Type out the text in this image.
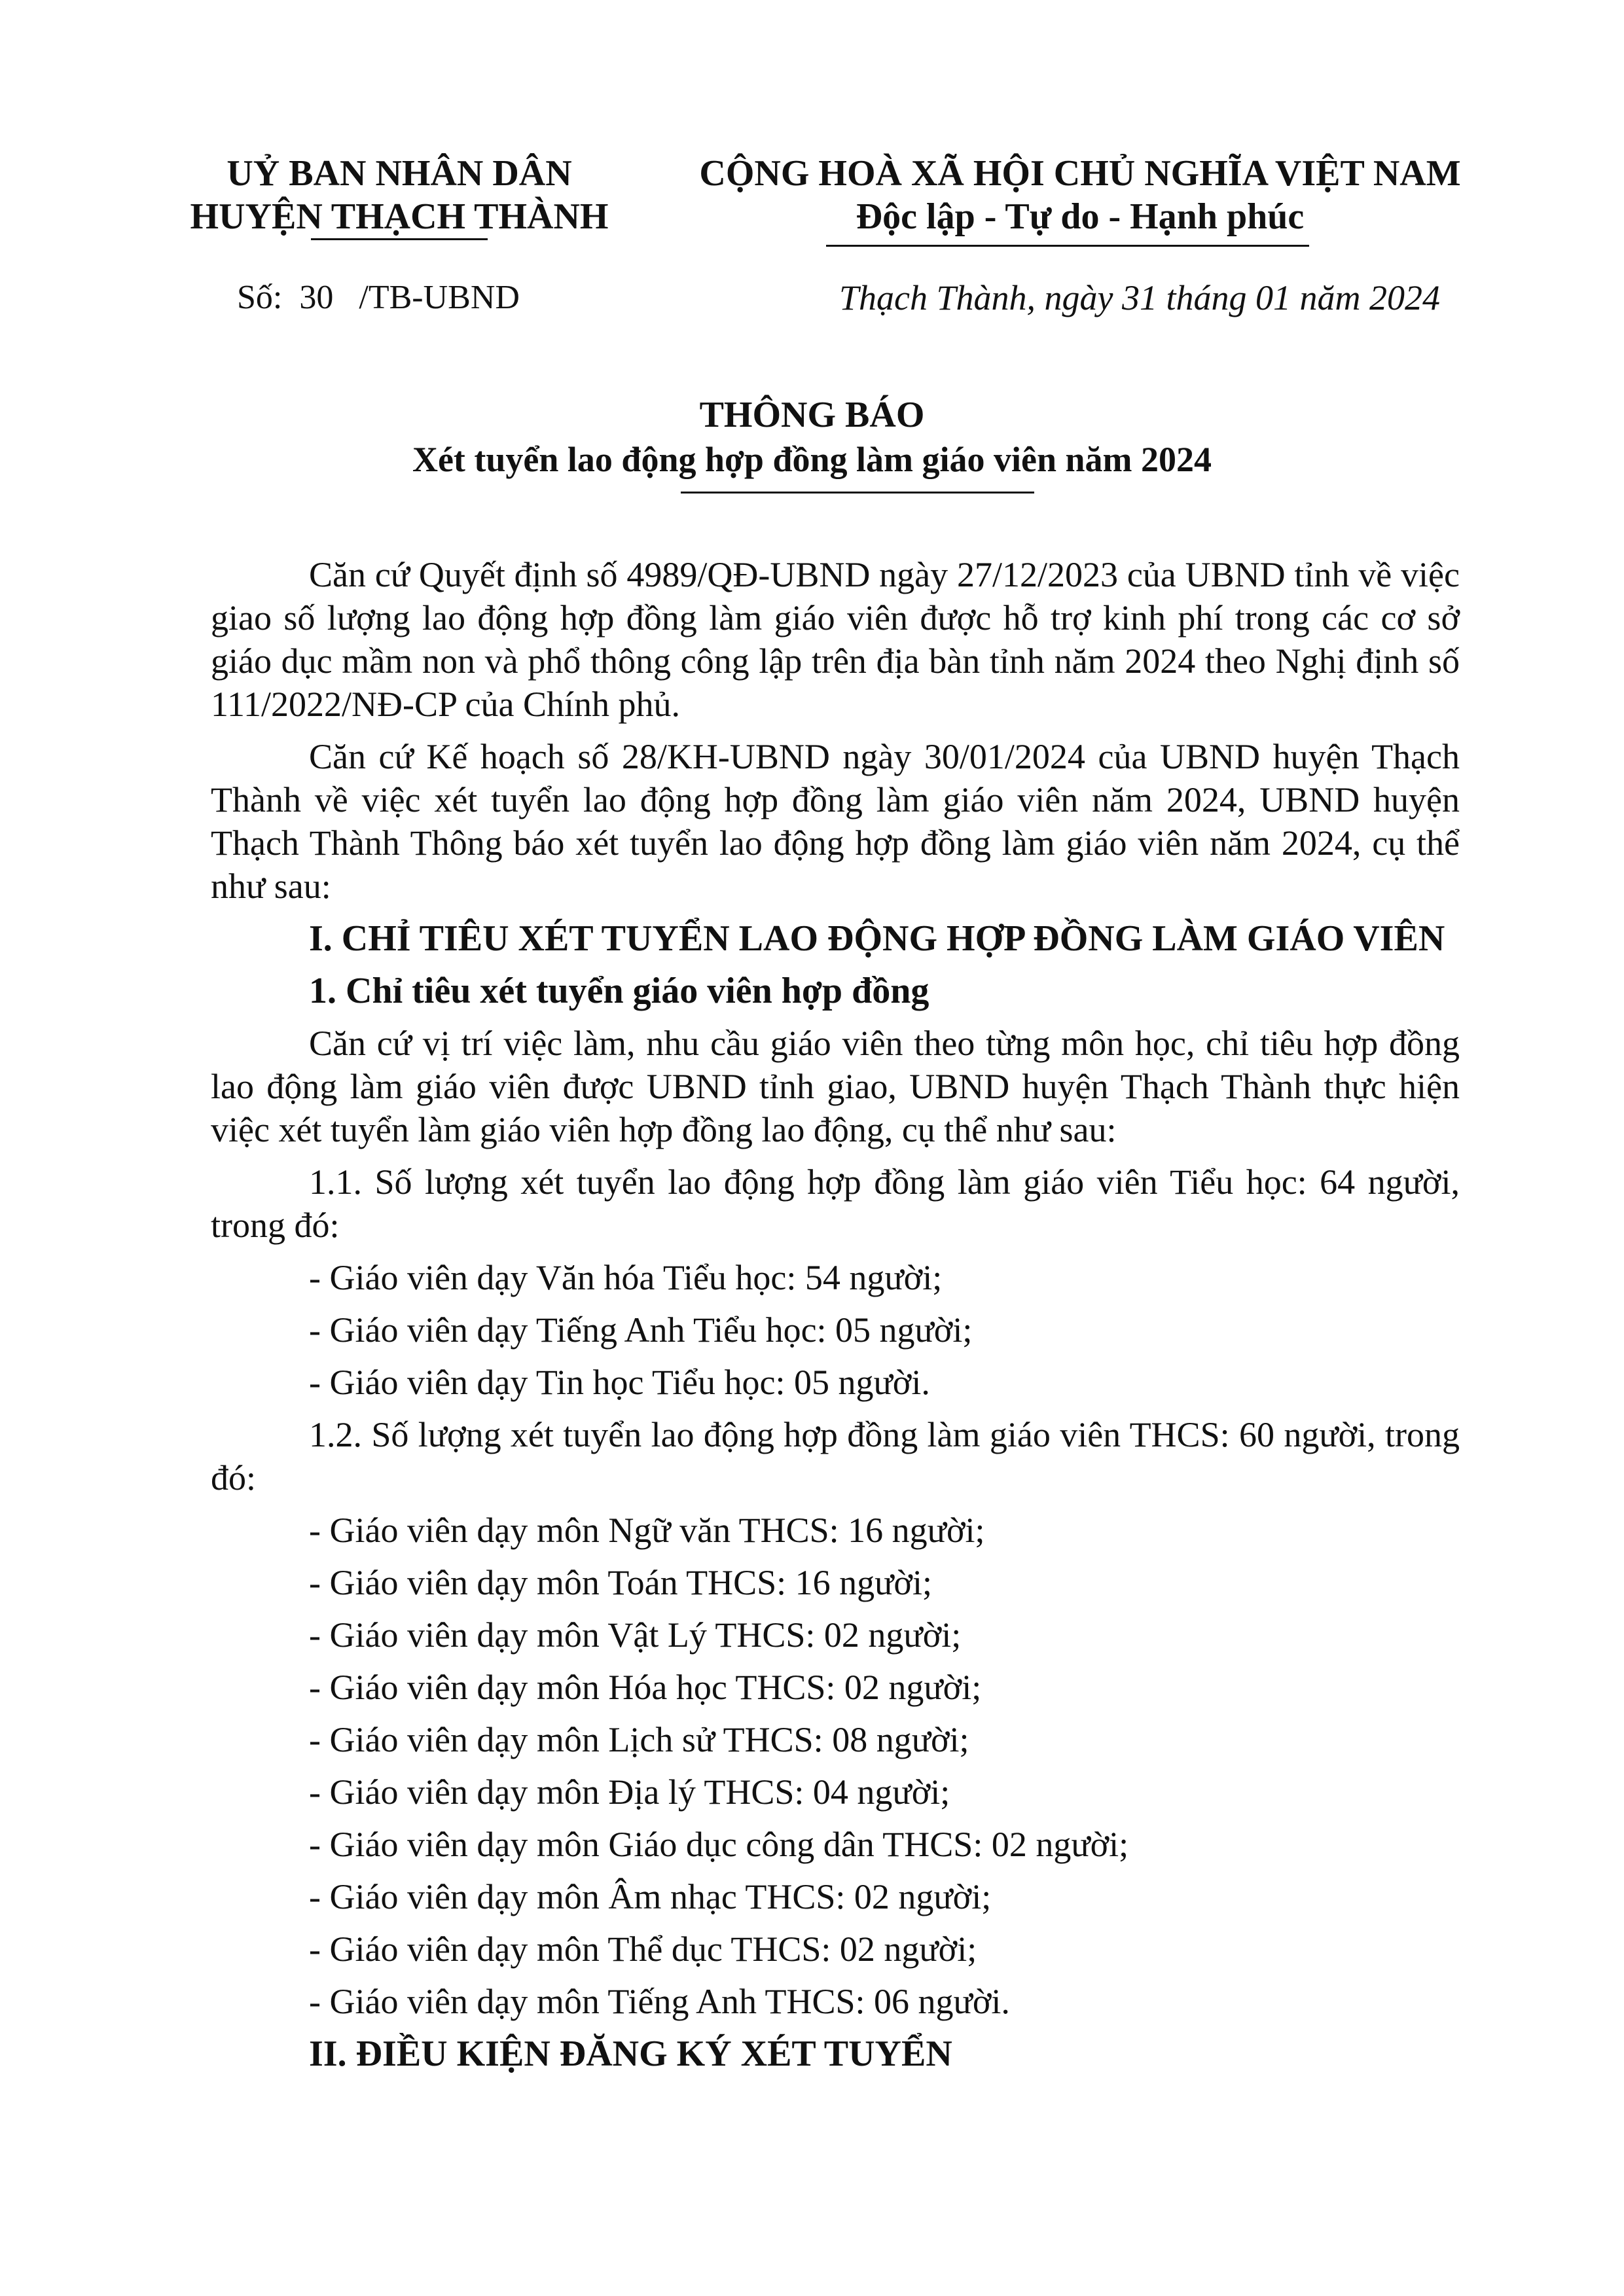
UỶ BAN NHÂN DÂN
HUYỆN THẠCH THÀNH
CỘNG HOÀ XÃ HỘI CHỦ NGHĨA VIỆT NAM
Độc lập - Tự do - Hạnh phúc
Số:  30   /TB-UBND	Thạch Thành, ngày 31 tháng 01 năm 2024
THÔNG BÁO
Xét tuyển lao động hợp đồng làm giáo viên năm 2024

Căn cứ Quyết định số 4989/QĐ-UBND ngày 27/12/2023 của UBND tỉnh về việc giao số lượng lao động hợp đồng làm giáo viên được hỗ trợ kinh phí trong các cơ sở giáo dục mầm non và phổ thông công lập trên địa bàn tỉnh năm 2024 theo Nghị định số 111/2022/NĐ-CP của Chính phủ.

Căn cứ Kế hoạch số 28/KH-UBND ngày 30/01/2024 của UBND huyện Thạch Thành về việc xét tuyển lao động hợp đồng làm giáo viên năm 2024, UBND huyện Thạch Thành Thông báo xét tuyển lao động hợp đồng làm giáo viên năm 2024, cụ thể như sau:

I. CHỈ TIÊU XÉT TUYỂN LAO ĐỘNG HỢP ĐỒNG LÀM GIÁO VIÊN

1. Chỉ tiêu xét tuyển giáo viên hợp đồng

Căn cứ vị trí việc làm, nhu cầu giáo viên theo từng môn học, chỉ tiêu hợp đồng lao động làm giáo viên được UBND tỉnh giao, UBND huyện Thạch Thành thực hiện việc xét tuyển làm giáo viên hợp đồng lao động, cụ thể như sau:

1.1. Số lượng xét tuyển lao động hợp đồng làm giáo viên Tiểu học: 64 người, trong đó:

- Giáo viên dạy Văn hóa Tiểu học: 54 người;

- Giáo viên dạy Tiếng Anh Tiểu học: 05 người;

- Giáo viên dạy Tin học Tiểu học: 05 người.

1.2. Số lượng xét tuyển lao động hợp đồng làm giáo viên THCS: 60 người, trong đó:

- Giáo viên dạy môn Ngữ văn THCS: 16 người;

- Giáo viên dạy môn Toán THCS: 16 người;

- Giáo viên dạy môn Vật Lý THCS: 02 người;

- Giáo viên dạy môn Hóa học THCS: 02 người;

- Giáo viên dạy môn Lịch sử THCS: 08 người;

- Giáo viên dạy môn Địa lý THCS: 04 người;

- Giáo viên dạy môn Giáo dục công dân THCS: 02 người;

- Giáo viên dạy môn Âm nhạc THCS: 02 người;

- Giáo viên dạy môn Thể dục THCS: 02 người;

- Giáo viên dạy môn Tiếng Anh THCS: 06 người.

II. ĐIỀU KIỆN ĐĂNG KÝ XÉT TUYỂN
